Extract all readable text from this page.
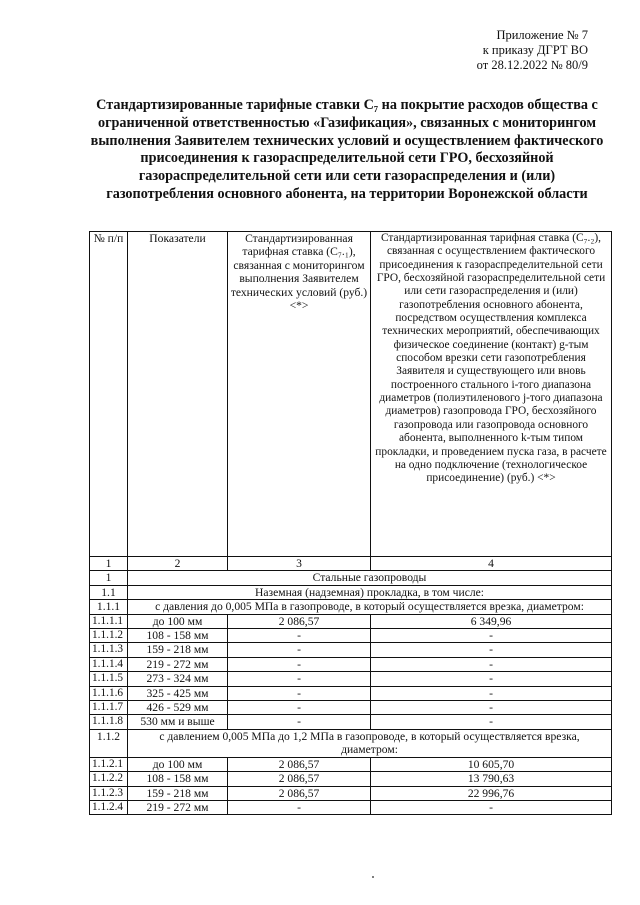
Приложение № 7
к приказу ДГРТ ВО
от 28.12.2022 № 80/9
Стандартизированные тарифные ставки C₇ на покрытие расходов общества с ограниченной ответственностью «Газификация», связанных с мониторингом выполнения Заявителем технических условий и осуществлением фактического присоединения к газораспределительной сети ГРО, бесхозяйной газораспределительной сети или сети газораспределения и (или) газопотребления основного абонента, на территории Воронежской области
№ п/п	Показатели	Стандартизированная тарифная ставка (C₇.₁), связанная с мониторингом выполнения Заявителем технических условий (руб.) <*>	Стандартизированная тарифная ставка (C₇.₂), связанная с осуществлением фактического присоединения к газораспределительной сети ГРО, бесхозяйной газораспределительной сети или сети газораспределения и (или) газопотребления основного абонента, посредством осуществления комплекса технических мероприятий, обеспечивающих физическое соединение (контакт) g-тым способом врезки сети газопотребления Заявителя и существующего или вновь построенного стального i-того диапазона диаметров (полиэтиленового j-того диапазона диаметров) газопровода ГРО, бесхозяйного газопровода или газопровода основного абонента, выполненного k-тым типом прокладки, и проведением пуска газа, в расчете на одно подключение (технологическое присоединение) (руб.) <*>
1	2	3	4
1	Стальные газопроводы		
1.1	Наземная (надземная) прокладка, в том числе:		
1.1.1	с давления до 0,005 МПа в газопроводе, в который осуществляется врезка, диаметром:		
1.1.1.1	до 100 мм	2 086,57	6 349,96
1.1.1.2	108 - 158 мм	-	-
1.1.1.3	159 - 218 мм	-	-
1.1.1.4	219 - 272 мм	-	-
1.1.1.5	273 - 324 мм	-	-
1.1.1.6	325 - 425 мм	-	-
1.1.1.7	426 - 529 мм	-	-
1.1.1.8	530 мм и выше	-	-
1.1.2	с давлением 0,005 МПа до 1,2 МПа в газопроводе, в который осуществляется врезка, диаметром:		
1.1.2.1	до 100 мм	2 086,57	10 605,70
1.1.2.2	108 - 158 мм	2 086,57	13 790,63
1.1.2.3	159 - 218 мм	2 086,57	22 996,76
1.1.2.4	219 - 272 мм	-	-
